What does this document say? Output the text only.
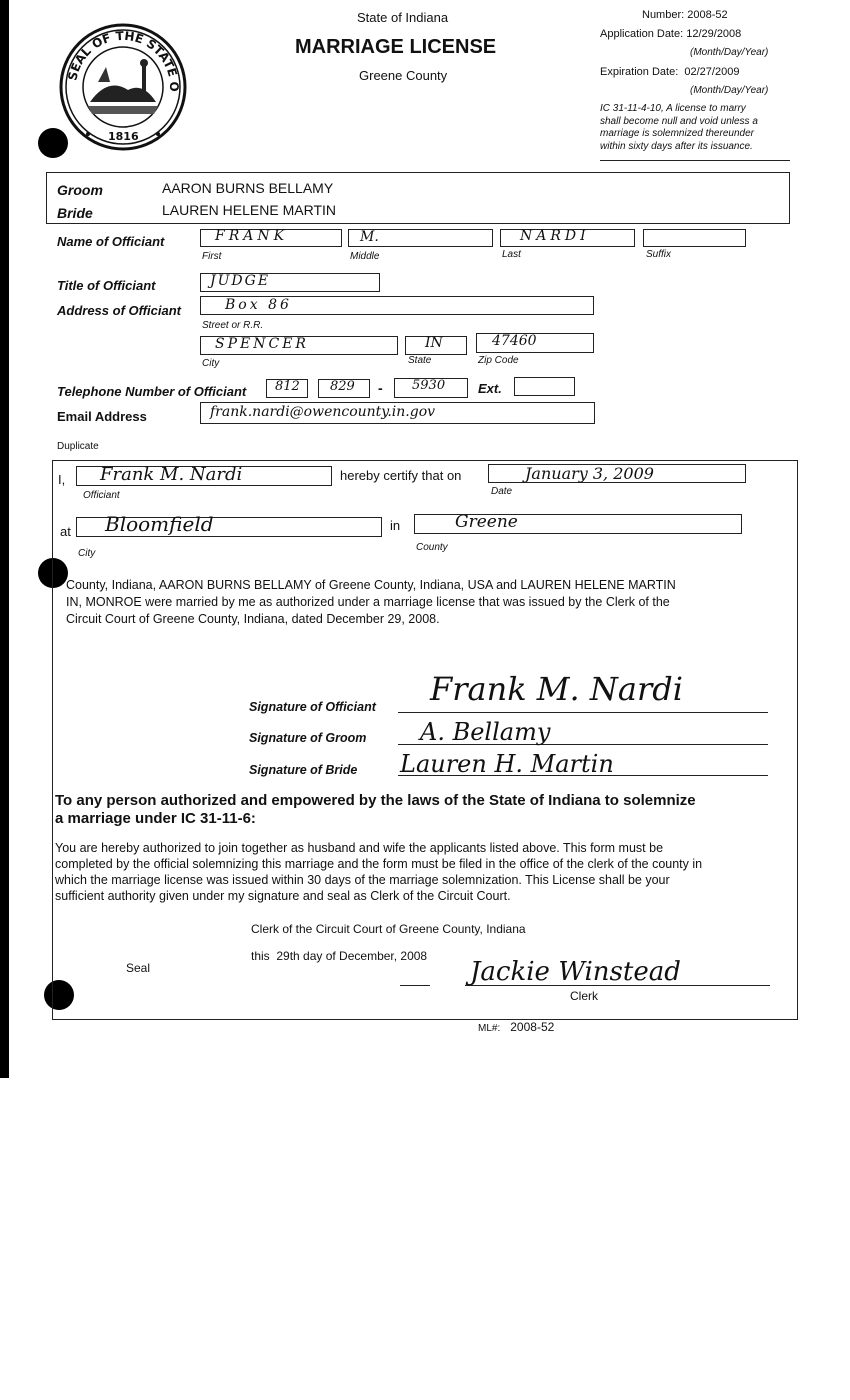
SEAL OF THE STATE O
1816
State of Indiana
MARRIAGE LICENSE
Greene County
Number: 2008-52
Application Date: 12/29/2008
(Month/Day/Year)
Expiration Date: 02/27/2009
(Month/Day/Year)
IC 31-11-4-10, A license to marry
shall become null and void unless a
marriage is solemnized thereunder
within sixty days after its issuance.
Groom	AARON BURNS BELLAMY
Bride	LAUREN HELENE MARTIN
Name of Officiant	FRANK
First
M.
Middle
NARDI
Last	Suffix
Title of Officiant	JUDGE
Address of Officiant	Box 86
Street or R.R.
SPENCER
City
IN
State
47460
Zip Code
Telephone Number of Officiant 812 829 - 5930	Ext.
Email Address	frank.nardi@owencounty.in.gov
Duplicate
I, Frank M. Nardi
Officiant
hereby certify that on	January 3, 2009
Date
at Bloomfield
City
in	Greene
County
County, Indiana, AARON BURNS BELLAMY of Greene County, Indiana, USA and LAUREN HELENE MARTIN
IN, MONROE were married by me as authorized under a marriage license that was issued by the Clerk of the
Circuit Court of Greene County, Indiana, dated December 29, 2008.
Signature of Officiant Frank M. Nardi
Signature of Groom A. Bellamy
Signature of Bride Lauren H. Martin
To any person authorized and empowered by the laws of the State of Indiana to solemnize
a marriage under IC 31-11-6:
You are hereby authorized to join together as husband and wife the applicants listed above. This form must be
completed by the official solemnizing this marriage and the form must be filed in the office of the clerk of the county in
which the marriage license was issued within 30 days of the marriage solemnization. This License shall be your
sufficient authority given under my signature and seal as Clerk of the Circuit Court.
Clerk of the Circuit Court of Greene County, Indiana
this  29th day of December, 2008
Seal	Jackie Winstead
Clerk
ML#: 2008-52
